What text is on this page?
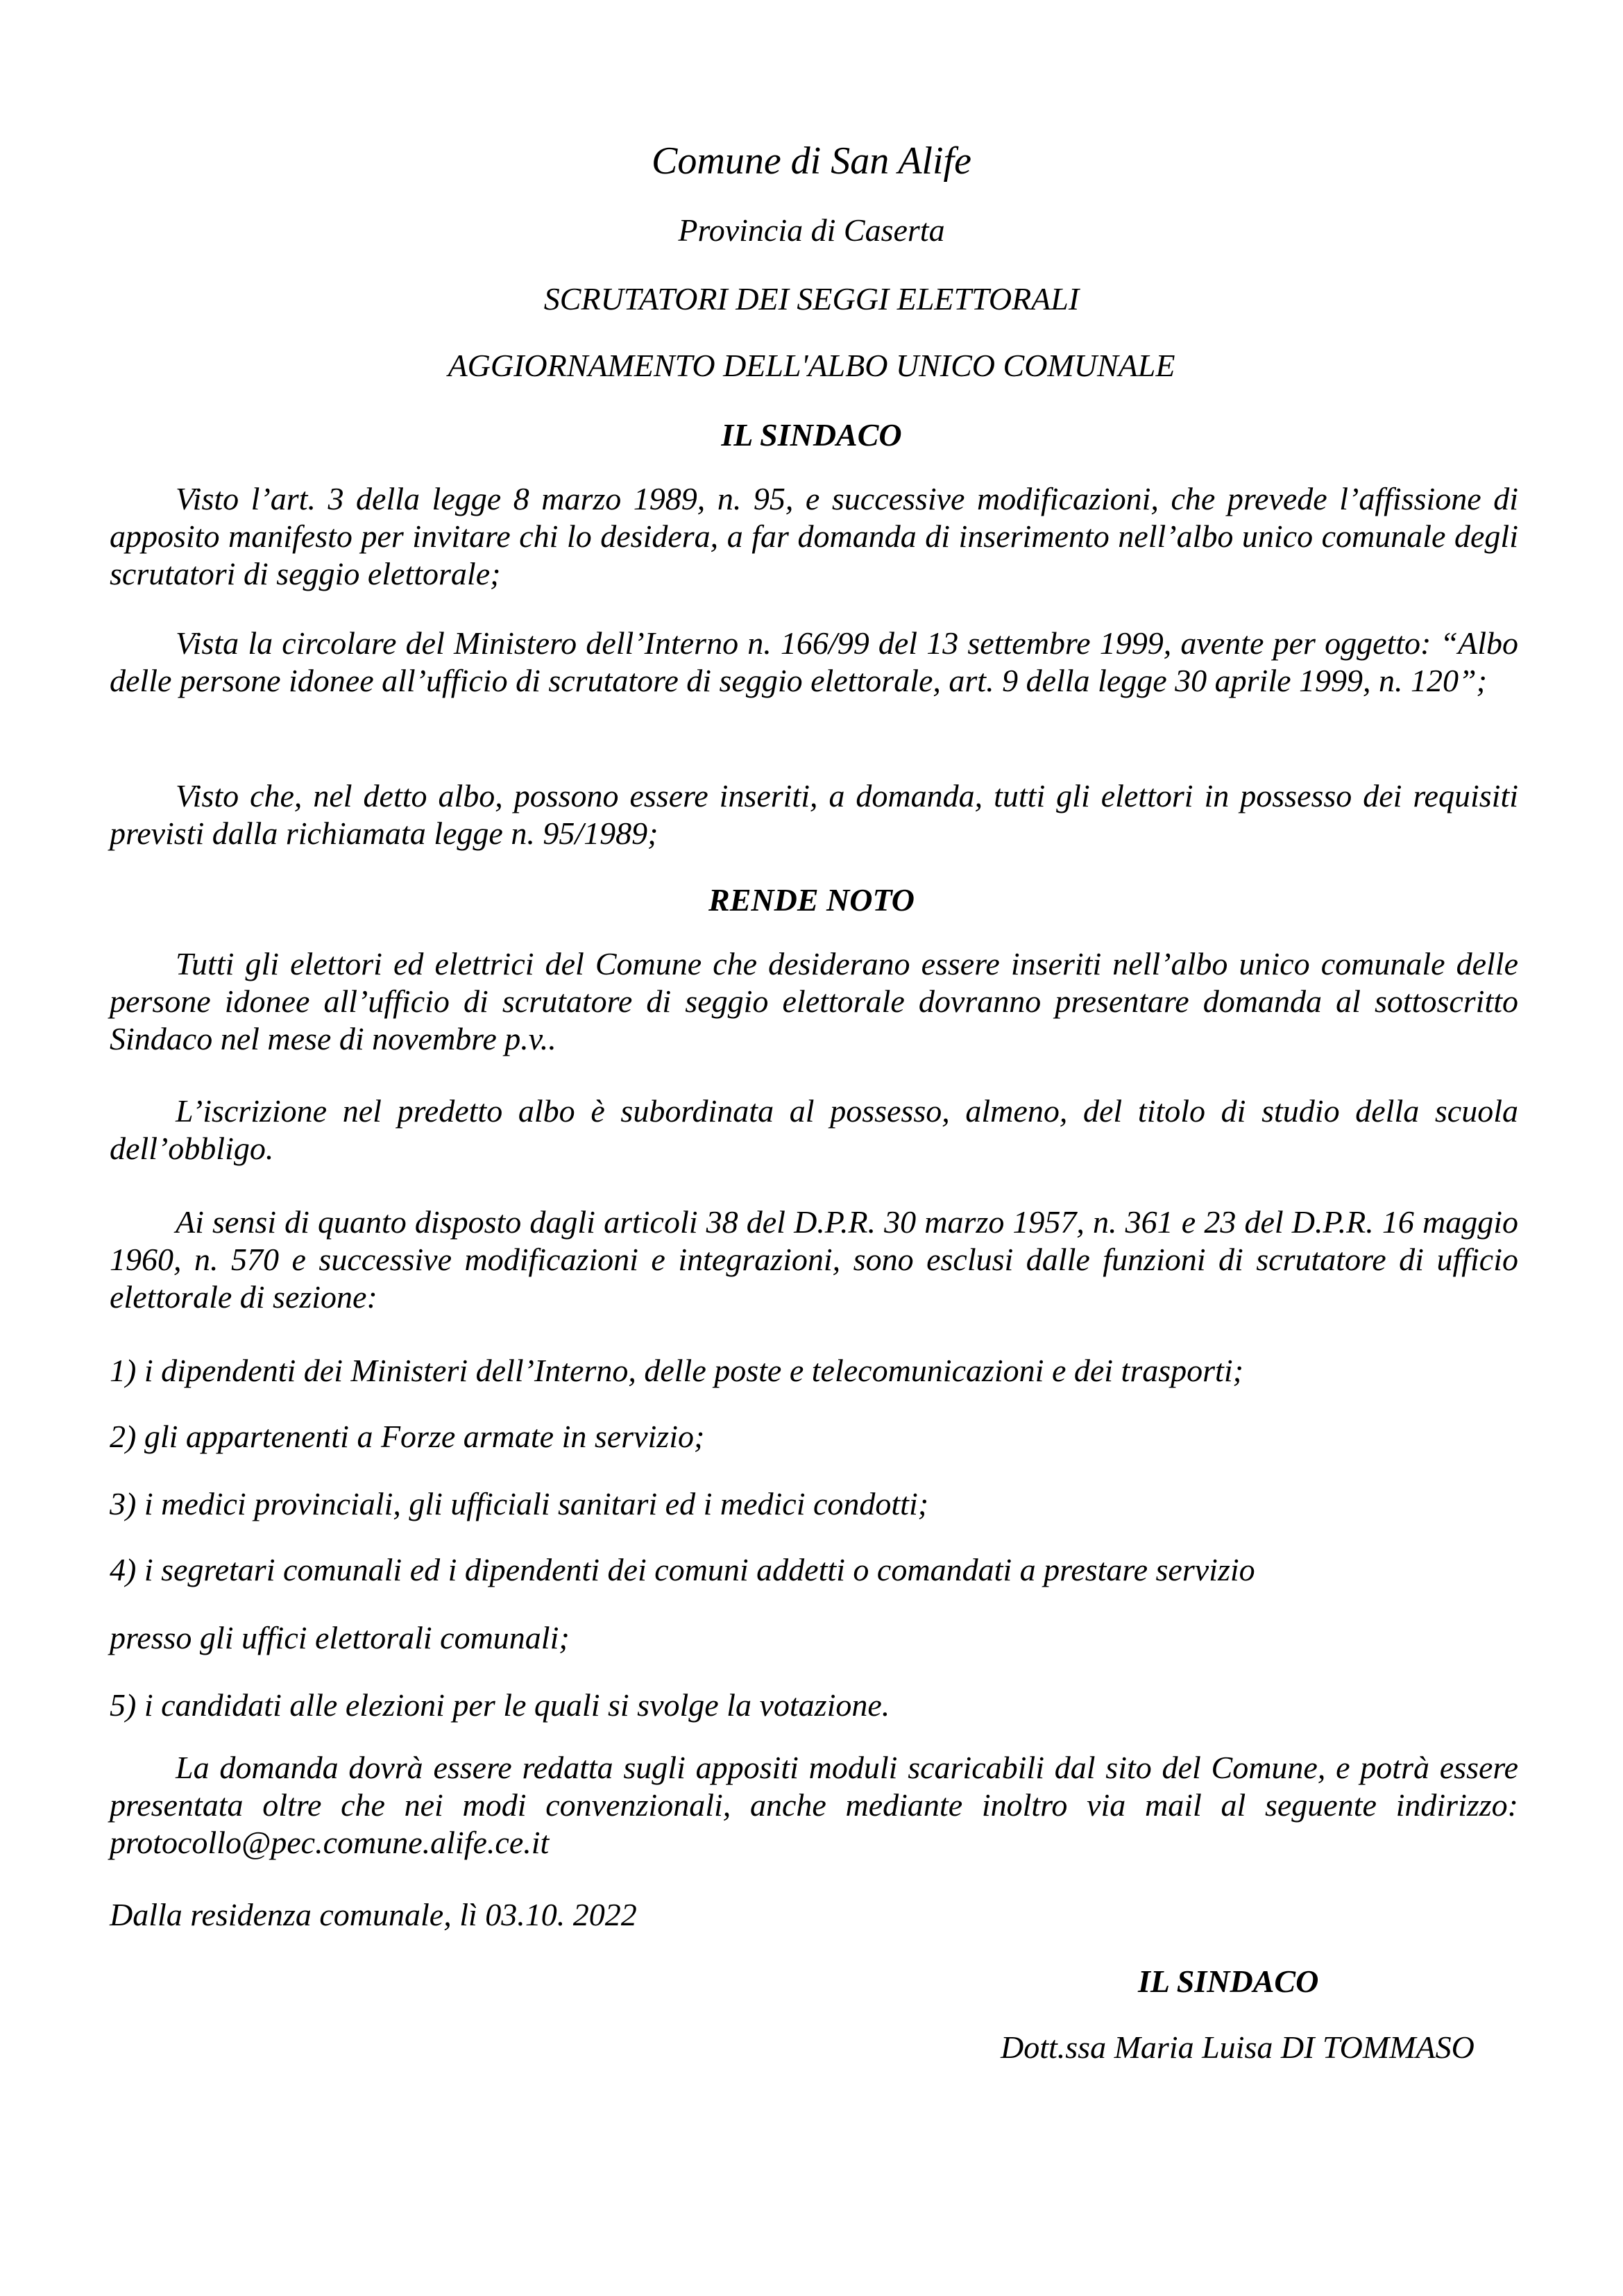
Comune di San Alife
Provincia di Caserta
SCRUTATORI DEI SEGGI ELETTORALI
AGGIORNAMENTO DELL'ALBO UNICO COMUNALE
IL SINDACO

Visto l’art. 3 della legge 8 marzo 1989, n. 95, e successive modificazioni, che prevede l’affissione di apposito manifesto per invitare chi lo desidera, a far domanda di inserimento nell’albo unico comunale degli scrutatori di seggio elettorale;

Vista la circolare del Ministero dell’Interno n. 166/99 del 13 settembre 1999, avente per oggetto: “Albo delle persone idonee all’ufficio di scrutatore di seggio elettorale, art. 9 della legge 30 aprile 1999, n. 120”;

Visto che, nel detto albo, possono essere inseriti, a domanda, tutti gli elettori in possesso dei requisiti previsti dalla richiamata legge n. 95/1989;

RENDE NOTO

Tutti gli elettori ed elettrici del Comune che desiderano essere inseriti nell’albo unico comunale delle persone idonee all’ufficio di scrutatore di seggio elettorale dovranno presentare domanda al sottoscritto Sindaco nel mese di novembre p.v..

L’iscrizione nel predetto albo è subordinata al possesso, almeno, del titolo di studio della scuola dell’obbligo.

Ai sensi di quanto disposto dagli articoli 38 del D.P.R. 30 marzo 1957, n. 361 e 23 del D.P.R. 16 maggio 1960, n. 570 e successive modificazioni e integrazioni, sono esclusi dalle funzioni di scrutatore di ufficio elettorale di sezione:

1) i dipendenti dei Ministeri dell’Interno, delle poste e telecomunicazioni e dei trasporti;
2) gli appartenenti a Forze armate in servizio;
3) i medici provinciali, gli ufficiali sanitari ed i medici condotti;
4) i segretari comunali ed i dipendenti dei comuni addetti o comandati a prestare servizio
presso gli uffici elettorali comunali;
5) i candidati alle elezioni per le quali si svolge la votazione.

La domanda dovrà essere redatta sugli appositi moduli scaricabili dal sito del Comune, e potrà essere presentata oltre che nei modi convenzionali, anche mediante inoltro via mail al seguente indirizzo: protocollo@pec.comune.alife.ce.it

Dalla residenza comunale, lì 03.10. 2022
IL SINDACO
Dott.ssa Maria Luisa DI TOMMASO
